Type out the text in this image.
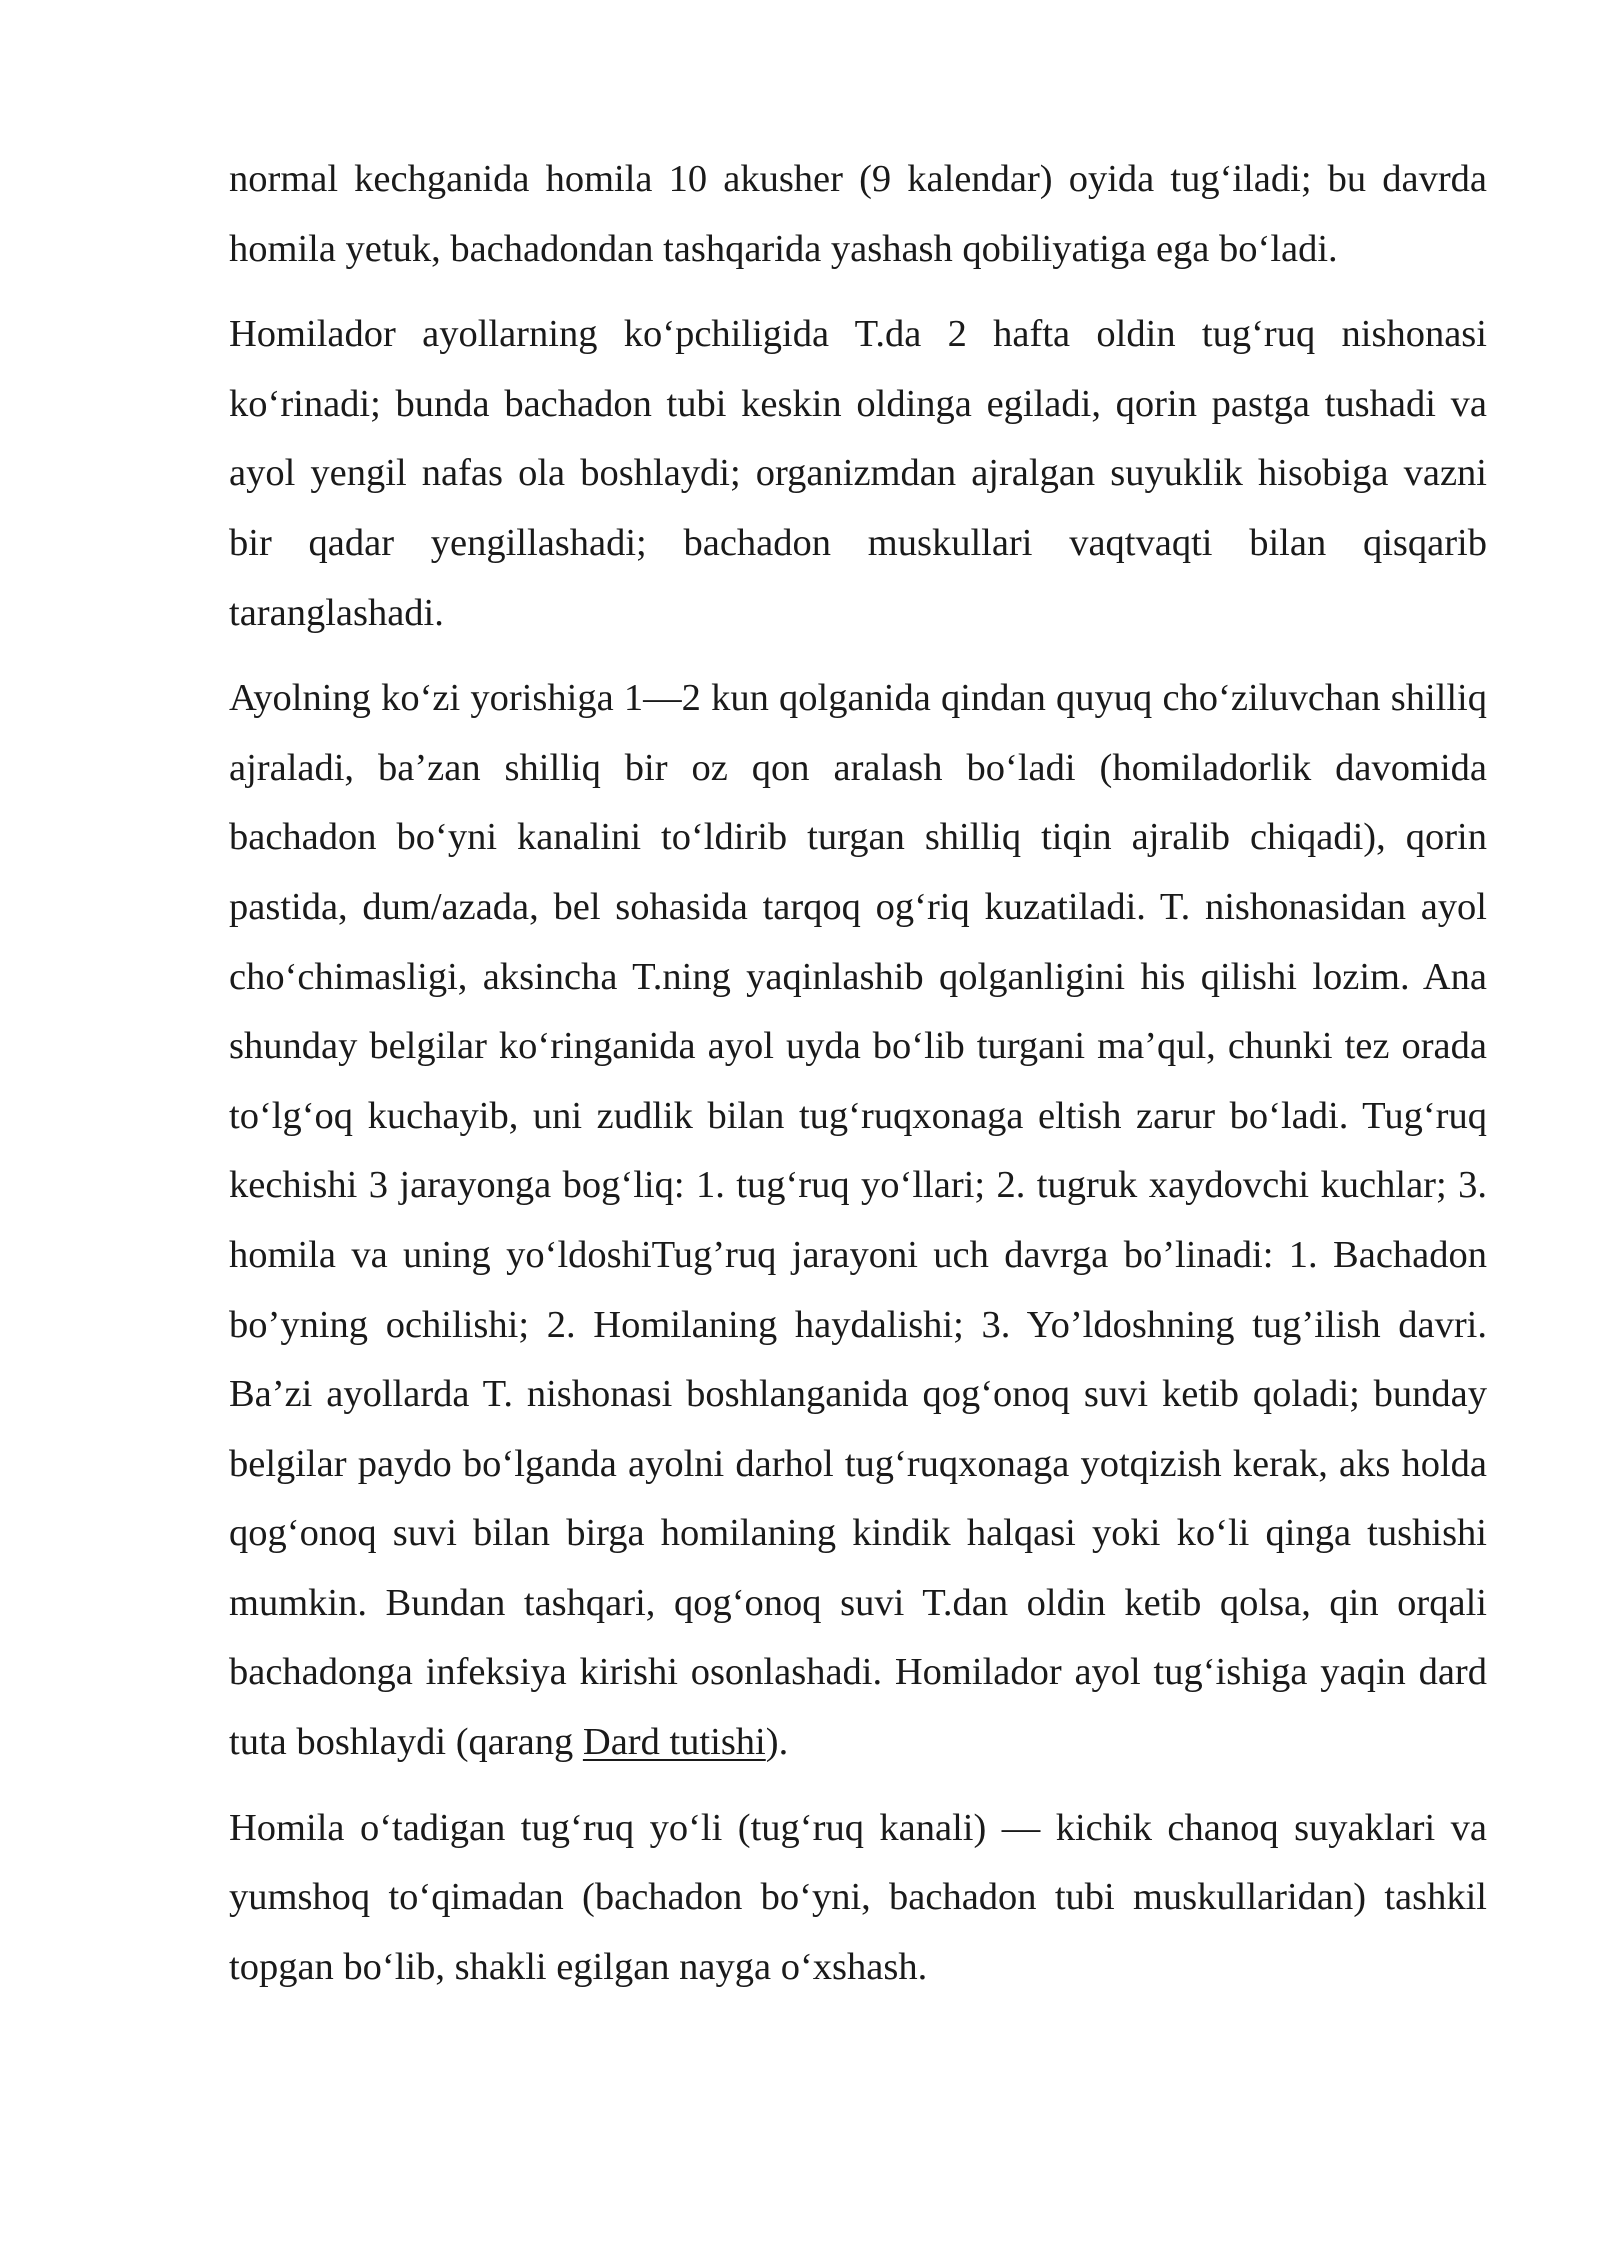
normal kechganida homila 10 akusher (9 kalendar) oyida tug‘iladi; bu davrda homila yetuk, bachadondan tashqarida yashash qobiliyatiga ega bo‘ladi.

Homilador ayollarning ko‘pchiligida T.da 2 hafta oldin tug‘ruq nishonasi ko‘rinadi; bunda bachadon tubi keskin oldinga egiladi, qorin pastga tushadi va ayol yengil nafas ola boshlaydi; organizmdan ajralgan suyuklik hisobiga vazni bir qadar yengillashadi; bachadon muskullari vaqtvaqti bilan qisqarib taranglashadi.

Ayolning ko‘zi yorishiga 1—2 kun qolganida qindan quyuq cho‘ziluvchan shilliq ajraladi, ba’zan shilliq bir oz qon aralash bo‘ladi (homiladorlik davomida bachadon bo‘yni kanalini to‘ldirib turgan shilliq tiqin ajralib chiqadi), qorin pastida, dum/azada, bel sohasida tarqoq og‘riq kuzatiladi. T. nishonasidan ayol cho‘chimasligi, aksincha T.ning yaqinlashib qolganligini his qilishi lozim. Ana shunday belgilar ko‘ringanida ayol uyda bo‘lib turgani ma’qul, chunki tez orada to‘lg‘oq kuchayib, uni zudlik bilan tug‘ruqxonaga eltish zarur bo‘ladi. Tug‘ruq kechishi 3 jarayonga bog‘liq: 1. tug‘ruq yo‘llari; 2. tugruk xaydovchi kuchlar; 3. homila va uning yo‘ldoshiTug’ruq jarayoni uch davrga bo’linadi: 1. Bachadon bo’yning ochilishi; 2. Homilaning haydalishi; 3. Yo’ldoshning tug’ilish davri. Ba’zi ayollarda T. nishonasi boshlanganida qog‘onoq suvi ketib qoladi; bunday belgilar paydo bo‘lganda ayolni darhol tug‘ruqxonaga yotqizish kerak, aks holda qog‘onoq suvi bilan birga homilaning kindik halqasi yoki ko‘li qinga tushishi mumkin. Bundan tashqari, qog‘onoq suvi T.dan oldin ketib qolsa, qin orqali bachadonga infeksiya kirishi osonlashadi. Homilador ayol tug‘ishiga yaqin dard tuta boshlaydi (qarang Dard tutishi).

Homila o‘tadigan tug‘ruq yo‘li (tug‘ruq kanali) — kichik chanoq suyaklari va yumshoq to‘qimadan (bachadon bo‘yni, bachadon tubi muskullaridan) tashkil topgan bo‘lib, shakli egilgan nayga o‘xshash.
